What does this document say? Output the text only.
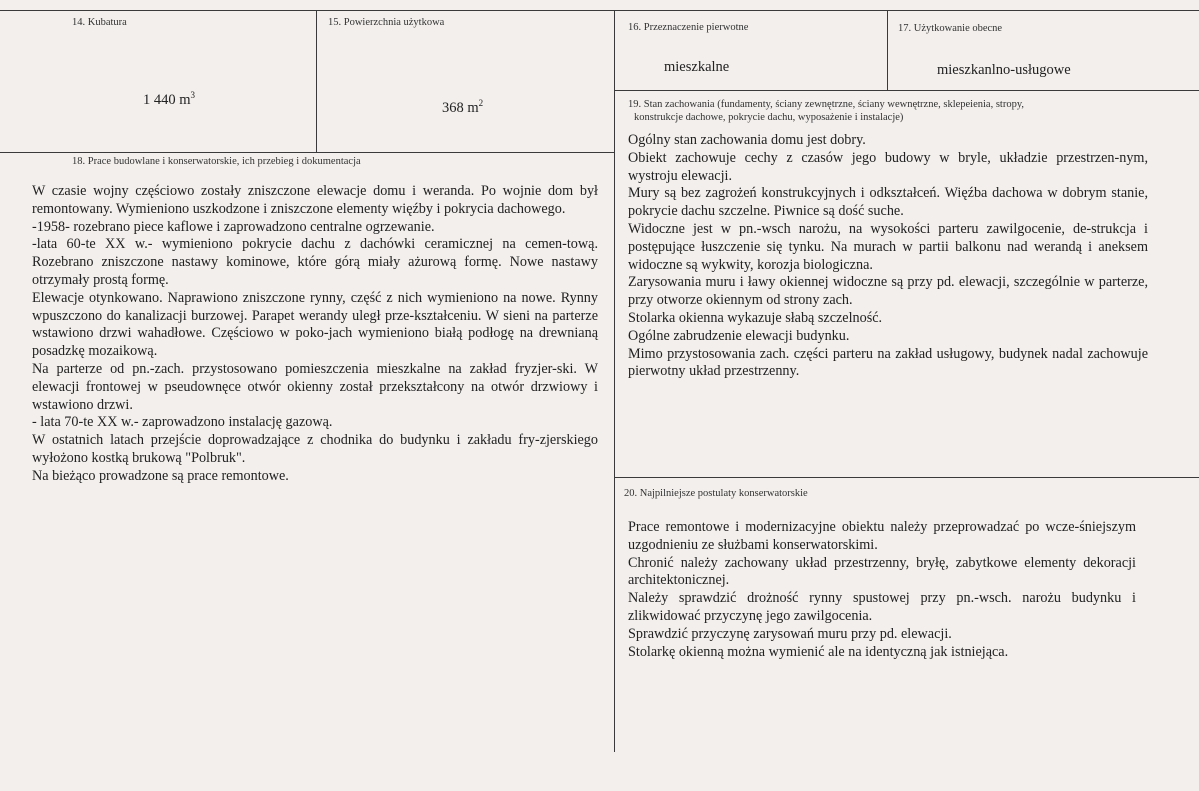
14. Kubatura
1 440 $m^3$
15. Powierzchnia użytkowa
368 $m^2$
16. Przeznaczenie pierwotne
mieszkalne
17. Użytkowanie obecne
mieszkanlno-usługowe
18. Prace budowlane i konserwatorskie, ich przebieg i dokumentacja

W czasie wojny częściowo zostały zniszczone elewacje domu i weranda. Po wojnie dom był remontowany. Wymieniono uszkodzone i zniszczone elementy więźby i pokrycia dachowego.

-1958- rozebrano piece kaflowe i zaprowadzono centralne ogrzewanie.

-lata 60-te XX w.- wymieniono pokrycie dachu z dachówki ceramicznej na cemen-tową. Rozebrano zniszczone nastawy kominowe, które górą miały ażurową formę. Nowe nastawy otrzymały prostą formę.

Elewacje otynkowano. Naprawiono zniszczone rynny, część z nich wymieniono na nowe. Rynny wpuszczono do kanalizacji burzowej. Parapet werandy uległ prze-kształceniu. W sieni na parterze wstawiono drzwi wahadłowe. Częściowo w poko-jach wymieniono białą podłogę na drewnianą posadzkę mozaikową.

Na parterze od pn.-zach. przystosowano pomieszczenia mieszkalne na zakład fryzjer-ski. W elewacji frontowej w pseudownęce otwór okienny został przekształcony na otwór drzwiowy i wstawiono drzwi.

- lata 70-te XX w.- zaprowadzono instalację gazową.

W ostatnich latach przejście doprowadzające z chodnika do budynku i zakładu fry-zjerskiego wyłożono kostką brukową "Polbruk".

Na bieżąco prowadzone są prace remontowe.

19. Stan zachowania (fundamenty, ściany zewnętrzne, ściany wewnętrzne, sklepeienia, stropy,
konstrukcje dachowe, pokrycie dachu, wyposażenie i instalacje)

Ogólny stan zachowania domu jest dobry.

Obiekt zachowuje cechy z czasów jego budowy w bryle, układzie przestrzen-nym, wystroju elewacji.

Mury są bez zagrożeń konstrukcyjnych i odkształceń. Więźba dachowa w dobrym stanie, pokrycie dachu szczelne. Piwnice są dość suche.

Widoczne jest w pn.-wsch narożu, na wysokości parteru zawilgocenie, de-strukcja i postępujące łuszczenie się tynku. Na murach w partii balkonu nad werandą i aneksem widoczne są wykwity, korozja biologiczna.

Zarysowania muru i ławy okiennej widoczne są przy pd. elewacji, szczególnie w parterze, przy otworze okiennym od strony zach.

Stolarka okienna wykazuje słabą szczelność.

Ogólne zabrudzenie elewacji budynku.

Mimo przystosowania zach. części parteru na zakład usługowy, budynek nadal zachowuje pierwotny układ przestrzenny.

20. Najpilniejsze postulaty konserwatorskie

Prace remontowe i modernizacyjne obiektu należy przeprowadzać po wcze-śniejszym uzgodnieniu ze służbami konserwatorskimi.

Chronić należy zachowany układ przestrzenny, bryłę, zabytkowe elementy dekoracji architektonicznej.

Należy sprawdzić drożność rynny spustowej przy pn.-wsch. narożu budynku i zlikwidować przyczynę jego zawilgocenia.

Sprawdzić przyczynę zarysowań muru przy pd. elewacji.

Stolarkę okienną można wymienić ale na identyczną jak istniejąca.
